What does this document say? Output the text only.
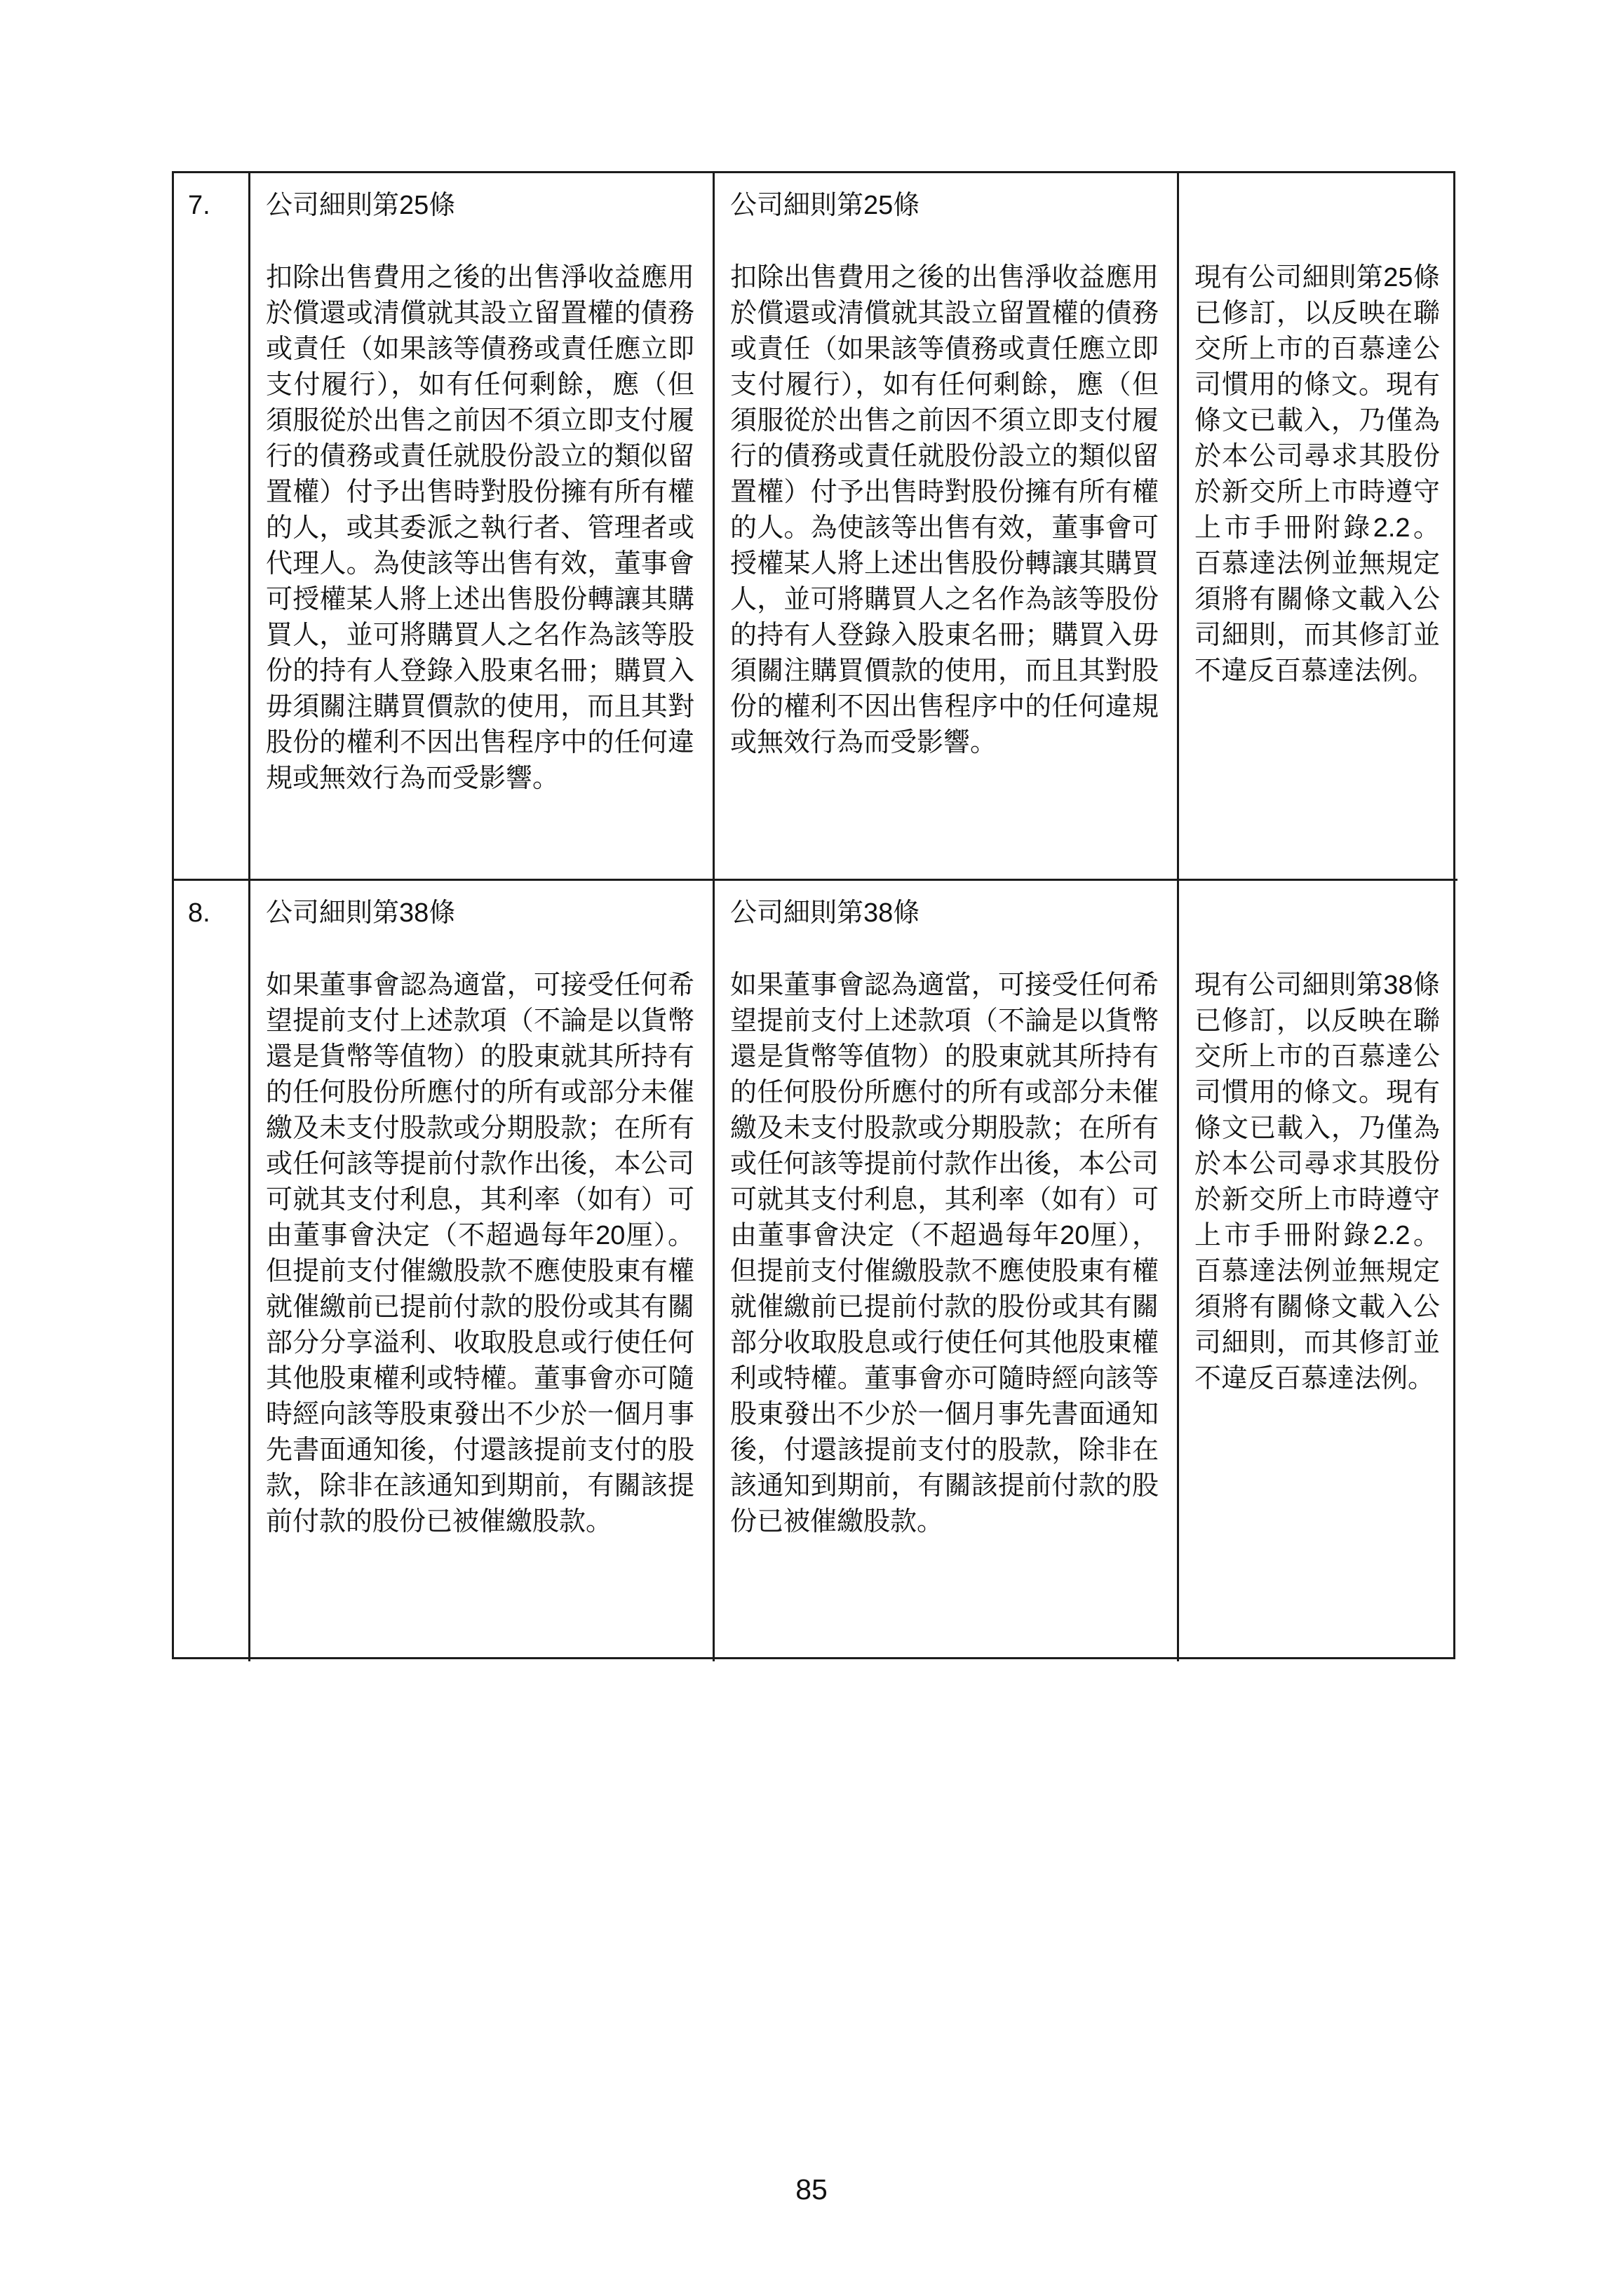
7.	公司細則第25條
扣除出售費用之後的出售淨收益應用於償還或清償就其設立留置權的債務或責任（如果該等債務或責任應立即支付履行），如有任何剩餘，應（但須服從於出售之前因不須立即支付履行的債務或責任就股份設立的類似留置權）付予出售時對股份擁有所有權的人，或其委派之執行者、管理者或代理人。為使該等出售有效，董事會可授權某人將上述出售股份轉讓其購買人，並可將購買人之名作為該等股份的持有人登錄入股東名冊；購買入毋須關注購買價款的使用，而且其對股份的權利不因出售程序中的任何違規或無效行為而受影響。
公司細則第25條
扣除出售費用之後的出售淨收益應用於償還或清償就其設立留置權的債務或責任（如果該等債務或責任應立即支付履行），如有任何剩餘，應（但須服從於出售之前因不須立即支付履行的債務或責任就股份設立的類似留置權）付予出售時對股份擁有所有權的人。為使該等出售有效，董事會可授權某人將上述出售股份轉讓其購買人，並可將購買人之名作為該等股份的持有人登錄入股東名冊；購買入毋須關注購買價款的使用，而且其對股份的權利不因出售程序中的任何違規或無效行為而受影響。
現有公司細則第25條已修訂，以反映在聯交所上市的百慕達公司慣用的條文。現有條文已載入，乃僅為於本公司尋求其股份於新交所上市時遵守上市手冊附錄2.2。百慕達法例並無規定須將有關條文載入公司細則，而其修訂並不違反百慕達法例。
8.	公司細則第38條
如果董事會認為適當，可接受任何希望提前支付上述款項（不論是以貨幣還是貨幣等值物）的股東就其所持有的任何股份所應付的所有或部分未催繳及未支付股款或分期股款；在所有或任何該等提前付款作出後，本公司可就其支付利息，其利率（如有）可由董事會決定（不超過每年20厘）。但提前支付催繳股款不應使股東有權就催繳前已提前付款的股份或其有關部分分享溢利、收取股息或行使任何其他股東權利或特權。董事會亦可隨時經向該等股東發出不少於一個月事先書面通知後，付還該提前支付的股款，除非在該通知到期前，有關該提前付款的股份已被催繳股款。
公司細則第38條
如果董事會認為適當，可接受任何希望提前支付上述款項（不論是以貨幣還是貨幣等值物）的股東就其所持有的任何股份所應付的所有或部分未催繳及未支付股款或分期股款；在所有或任何該等提前付款作出後，本公司可就其支付利息，其利率（如有）可由董事會決定（不超過每年20厘），但提前支付催繳股款不應使股東有權就催繳前已提前付款的股份或其有關部分收取股息或行使任何其他股東權利或特權。董事會亦可隨時經向該等股東發出不少於一個月事先書面通知後，付還該提前支付的股款，除非在該通知到期前，有關該提前付款的股份已被催繳股款。
現有公司細則第38條已修訂，以反映在聯交所上市的百慕達公司慣用的條文。現有條文已載入，乃僅為於本公司尋求其股份於新交所上市時遵守上市手冊附錄2.2。百慕達法例並無規定須將有關條文載入公司細則，而其修訂並不違反百慕達法例。
85
